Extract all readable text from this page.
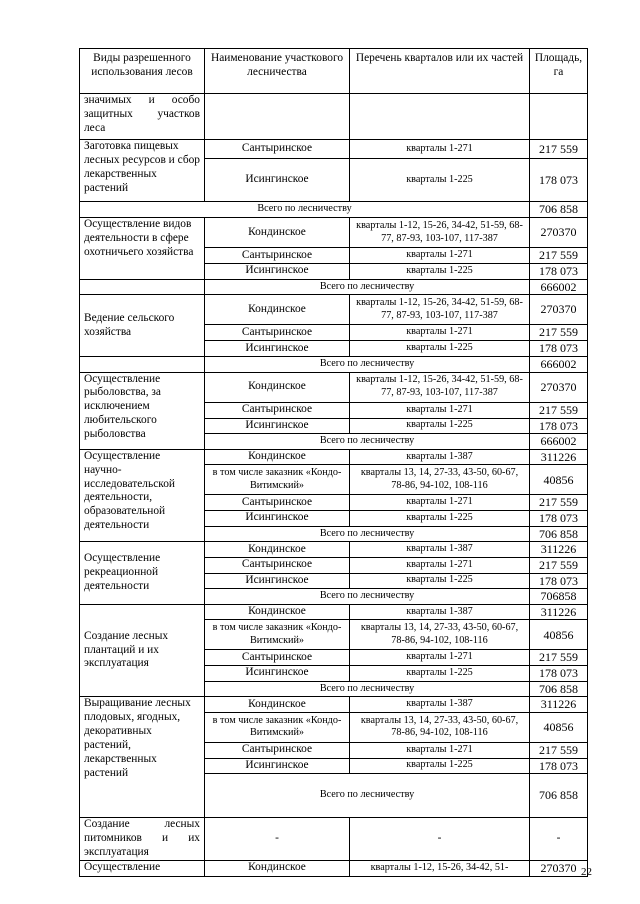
Виды разрешенного использования лесов	Наименование участкового лесничества	Перечень кварталов или их частей	Площадь, га
значимых и особо защитных участков леса			
Заготовка пищевых лесных ресурсов и сбор лекарственных растений	Сантыринское	кварталы 1-271	217 559
	Исингинское	кварталы 1-225	178 073
Всего по лесничеству			706 858
Осуществление видов деятельности в сфере охотничьего хозяйства	Кондинское	кварталы 1-12, 15-26, 34-42, 51-59, 68-77, 87-93, 103-107, 117-387	270370
	Сантыринское	кварталы 1-271	217 559
	Исингинское	кварталы 1-225	178 073
	Всего по лесничеству		666002
Ведение сельского хозяйства	Кондинское	кварталы 1-12, 15-26, 34-42, 51-59, 68-77, 87-93, 103-107, 117-387	270370
	Сантыринское	кварталы 1-271	217 559
	Исингинское	кварталы 1-225	178 073
	Всего по лесничеству		666002
Осуществление рыболовства, за исключением любительского рыболовства	Кондинское	кварталы 1-12, 15-26, 34-42, 51-59, 68-77, 87-93, 103-107, 117-387	270370
	Сантыринское	кварталы 1-271	217 559
	Исингинское	кварталы 1-225	178 073
	Всего по лесничеству		666002
Осуществление научно-исследовательской деятельности, образовательной деятельности	Кондинское	кварталы 1-387	311226
	в том числе заказник «Кондо-Витимский»	кварталы 13, 14, 27-33, 43-50, 60-67, 78-86, 94-102, 108-116	40856
	Сантыринское	кварталы 1-271	217 559
	Исингинское	кварталы 1-225	178 073
	Всего по лесничеству		706 858
Осуществление рекреационной деятельности	Кондинское	кварталы 1-387	311226
	Сантыринское	кварталы 1-271	217 559
	Исингинское	кварталы 1-225	178 073
	Всего по лесничеству		706858
Создание лесных плантаций и их эксплуатация	Кондинское	кварталы 1-387	311226
	в том числе заказник «Кондо-Витимский»	кварталы 13, 14, 27-33, 43-50, 60-67, 78-86, 94-102, 108-116	40856
	Сантыринское	кварталы 1-271	217 559
	Исингинское	кварталы 1-225	178 073
	Всего по лесничеству		706 858
Выращивание лесных плодовых, ягодных, декоративных растений, лекарственных растений	Кондинское	кварталы 1-387	311226
	в том числе заказник «Кондо-Витимский»	кварталы 13, 14, 27-33, 43-50, 60-67, 78-86, 94-102, 108-116	40856
	Сантыринское	кварталы 1-271	217 559
	Исингинское	кварталы 1-225	178 073
	Всего по лесничеству		706 858
Создание лесных питомников и их эксплуатация	-	-	-
Осуществление	Кондинское	кварталы 1-12, 15-26, 34-42, 51-	270370 22
